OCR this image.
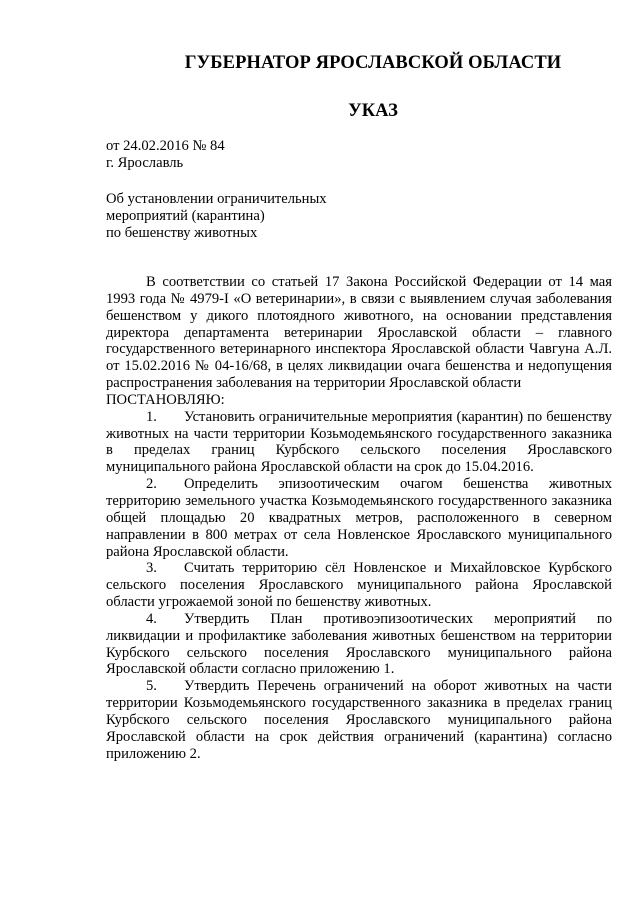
ГУБЕРНАТОР ЯРОСЛАВСКОЙ ОБЛАСТИ
УКАЗ
от 24.02.2016 № 84
г. Ярославль
Об установлении ограничительных
мероприятий (карантина)
по бешенству животных

В соответствии со статьей 17 Закона Российской Федерации от 14 мая 1993 года № 4979-I «О ветеринарии», в связи с выявлением случая заболевания бешенством у дикого плотоядного животного, на основании представления директора департамента ветеринарии Ярославской области – главного государственного ветеринарного инспектора Ярославской области Чавгуна А.Л. от 15.02.2016 № 04-16/68, в целях ликвидации очага бешенства и недопущения распространения заболевания на территории Ярославской области

ПОСТАНОВЛЯЮ:

1. Установить ограничительные мероприятия (карантин) по бешенству животных на части территории Козьмодемьянского государственного заказника в пределах границ Курбского сельского поселения Ярославского муниципального района Ярославской области на срок до 15.04.2016.

2. Определить эпизоотическим очагом бешенства животных территорию земельного участка Козьмодемьянского государственного заказника общей площадью 20 квадратных метров, расположенного в северном направлении в 800 метрах от села Новленское Ярославского муниципального района Ярославской области.

3. Считать территорию сёл Новленское и Михайловское Курбского сельского поселения Ярославского муниципального района Ярославской области угрожаемой зоной по бешенству животных.

4. Утвердить План противоэпизоотических мероприятий по ликвидации и профилактике заболевания животных бешенством на территории Курбского сельского поселения Ярославского муниципального района Ярославской области согласно приложению 1.

5. Утвердить Перечень ограничений на оборот животных на части территории Козьмодемьянского государственного заказника в пределах границ Курбского сельского поселения Ярославского муниципального района Ярославской области на срок действия ограничений (карантина) согласно приложению 2.
